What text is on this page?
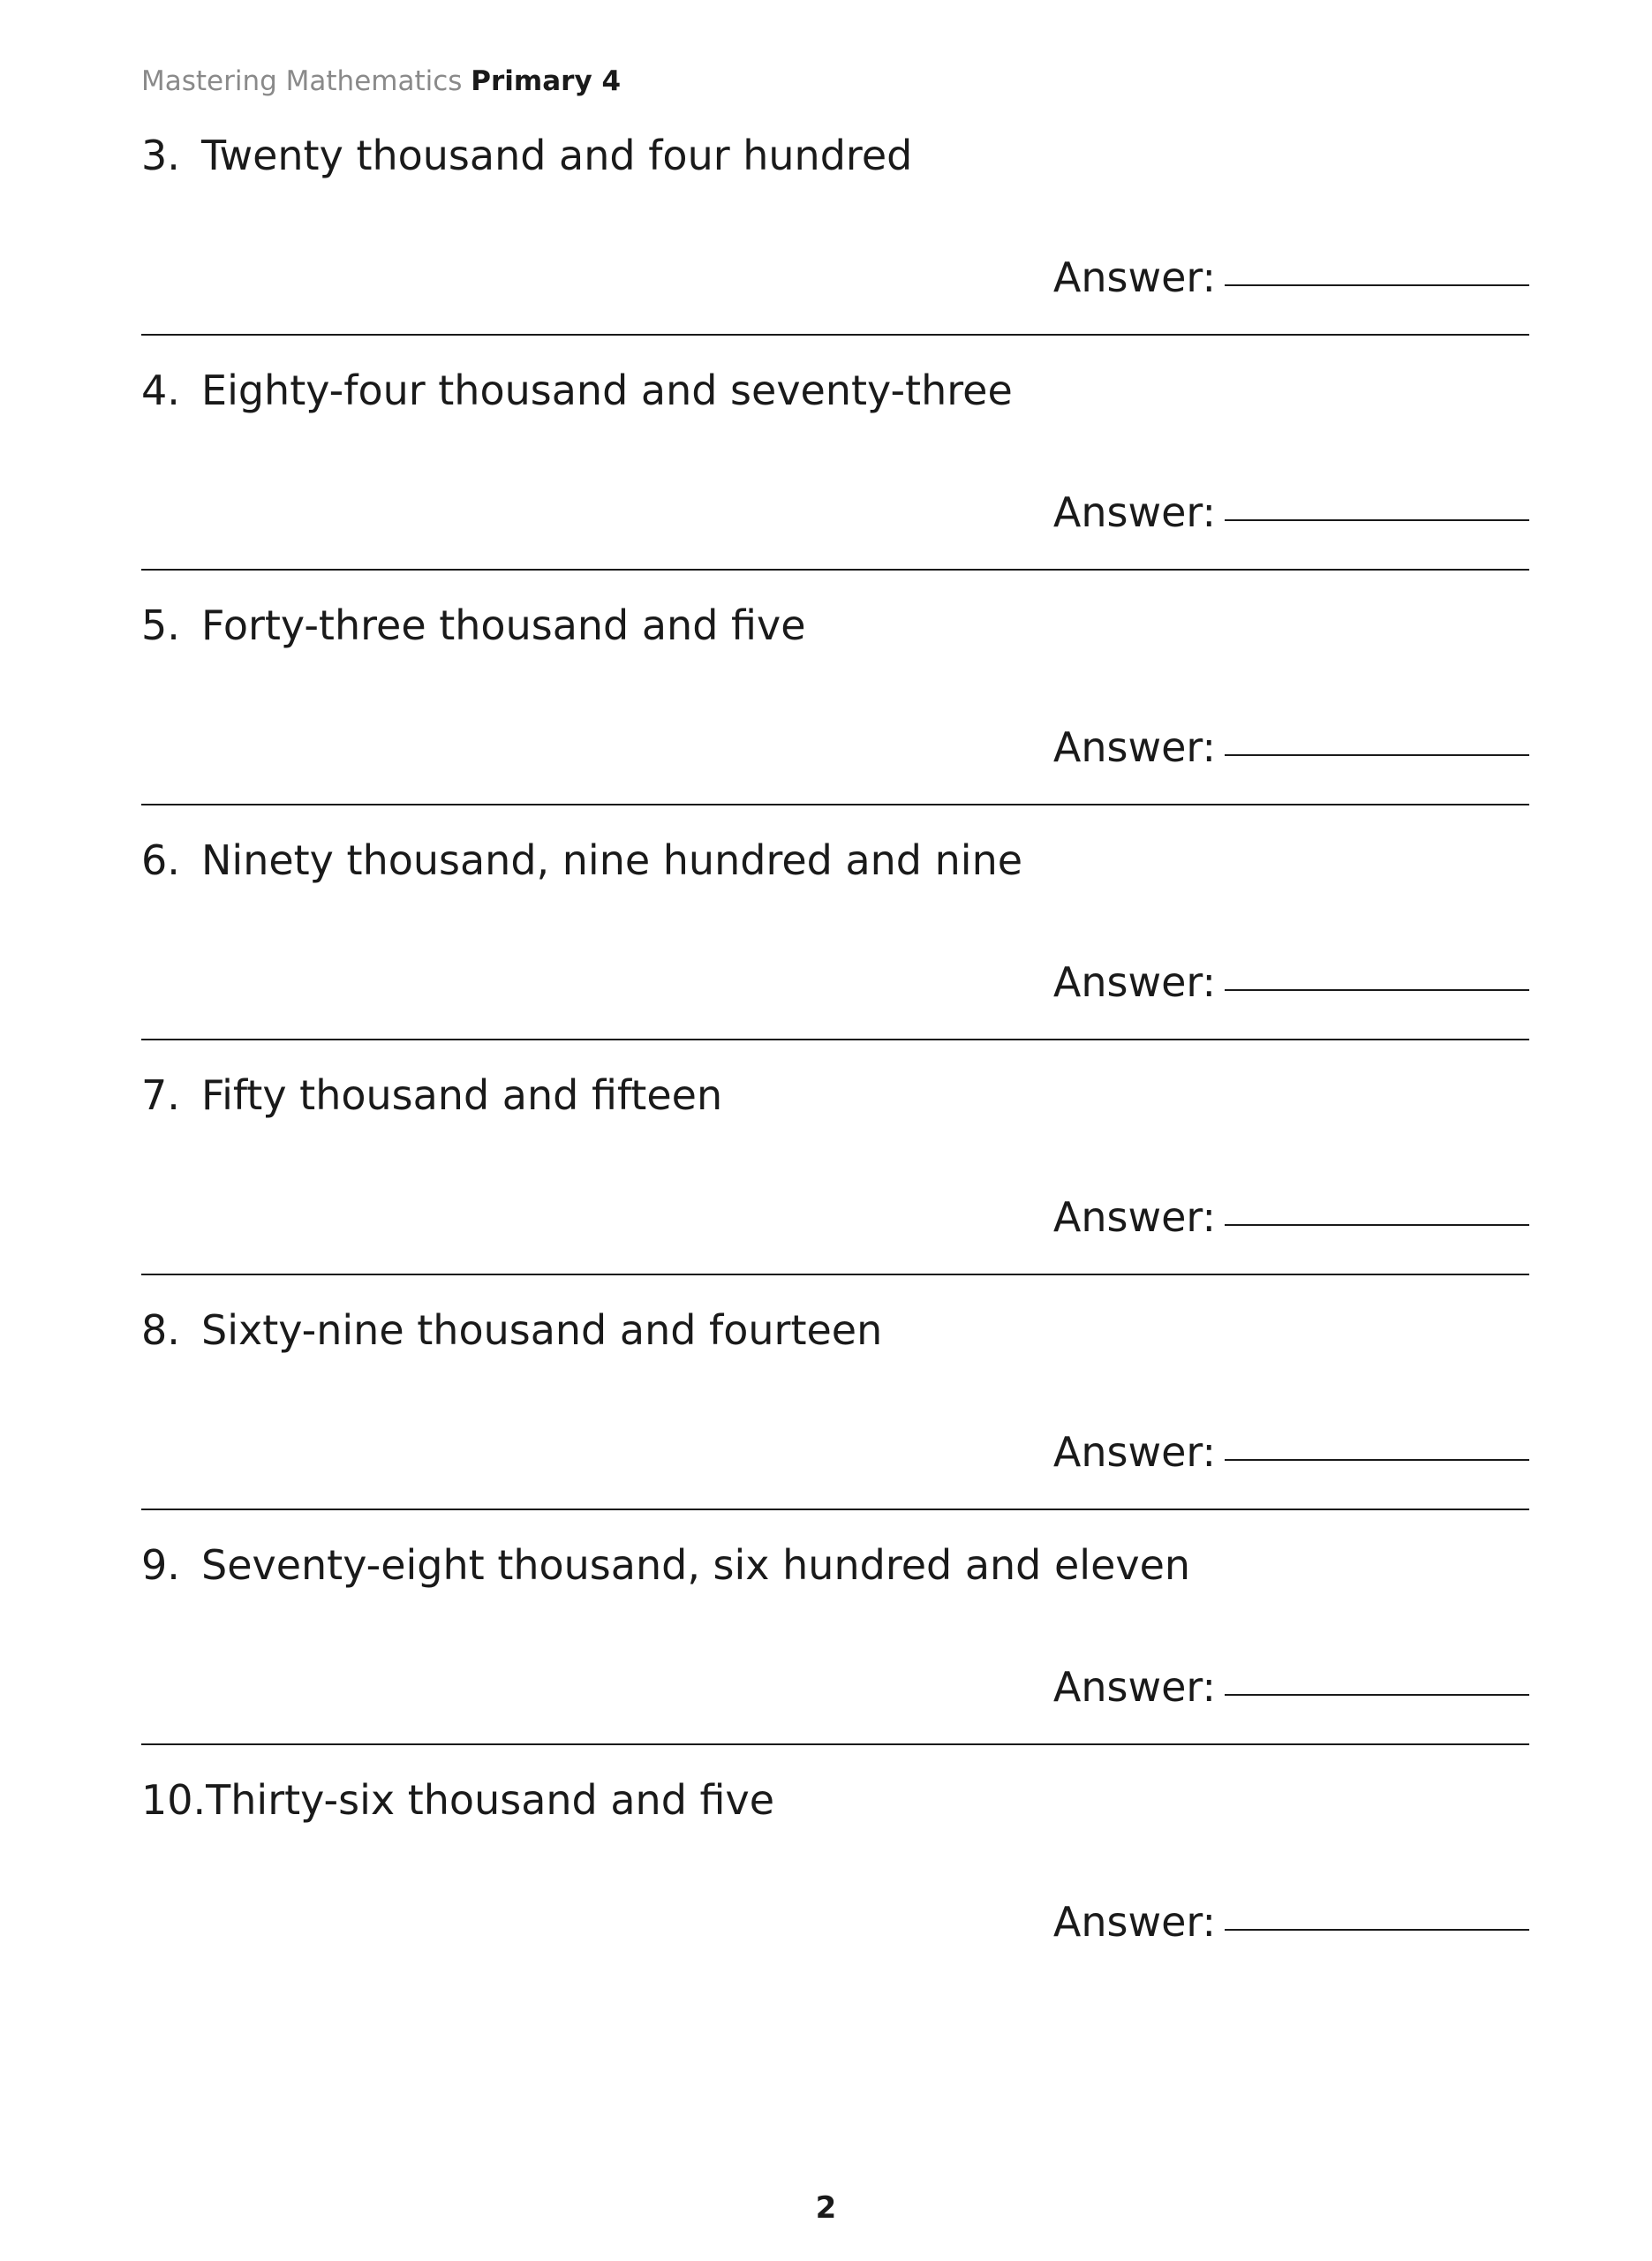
Mastering Mathematics Primary 4
3. Twenty thousand and four hundred
Answer:
4. Eighty-four thousand and seventy-three
Answer:
5. Forty-three thousand and five
Answer:
6. Ninety thousand, nine hundred and nine
Answer:
7. Fifty thousand and fifteen
Answer:
8. Sixty-nine thousand and fourteen
Answer:
9. Seventy-eight thousand, six hundred and eleven
Answer:
10.Thirty-six thousand and five
Answer:
2
